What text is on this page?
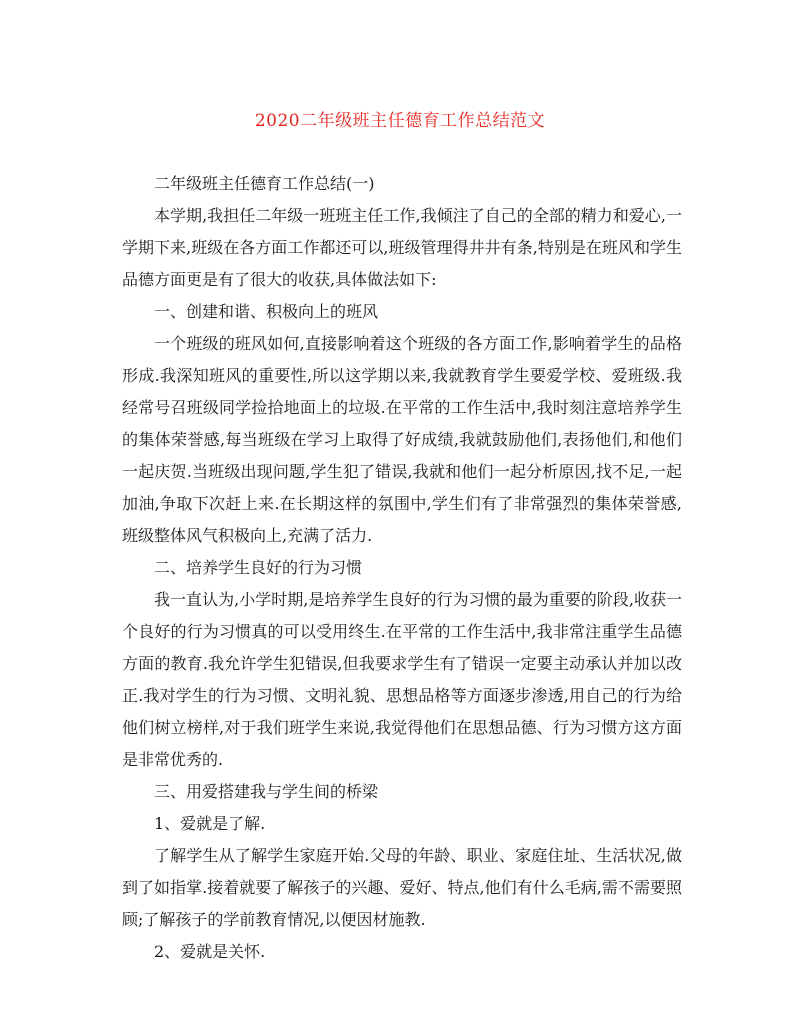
2020二年级班主任德育工作总结范文

二年级班主任德育工作总结(一)

本学期,我担任二年级一班班主任工作,我倾注了自己的全部的精力和爱心,一学期下来,班级在各方面工作都还可以,班级管理得井井有条,特别是在班风和学生品德方面更是有了很大的收获,具体做法如下:

一、创建和谐、积极向上的班风

一个班级的班风如何,直接影响着这个班级的各方面工作,影响着学生的品格形成.我深知班风的重要性,所以这学期以来,我就教育学生要爱学校、爱班级.我经常号召班级同学捡拾地面上的垃圾.在平常的工作生活中,我时刻注意培养学生的集体荣誉感,每当班级在学习上取得了好成绩,我就鼓励他们,表扬他们,和他们一起庆贺.当班级出现问题,学生犯了错误,我就和他们一起分析原因,找不足,一起加油,争取下次赶上来.在长期这样的氛围中,学生们有了非常强烈的集体荣誉感,班级整体风气积极向上,充满了活力.

二、培养学生良好的行为习惯

我一直认为,小学时期,是培养学生良好的行为习惯的最为重要的阶段,收获一个良好的行为习惯真的可以受用终生.在平常的工作生活中,我非常注重学生品德方面的教育.我允许学生犯错误,但我要求学生有了错误一定要主动承认并加以改正.我对学生的行为习惯、文明礼貌、思想品格等方面逐步渗透,用自己的行为给他们树立榜样,对于我们班学生来说,我觉得他们在思想品德、行为习惯方这方面是非常优秀的.

三、用爱搭建我与学生间的桥梁

1、爱就是了解.

了解学生从了解学生家庭开始.父母的年龄、职业、家庭住址、生活状况,做到了如指掌.接着就要了解孩子的兴趣、爱好、特点,他们有什么毛病,需不需要照顾;了解孩子的学前教育情况,以便因材施教.

2、爱就是关怀.
